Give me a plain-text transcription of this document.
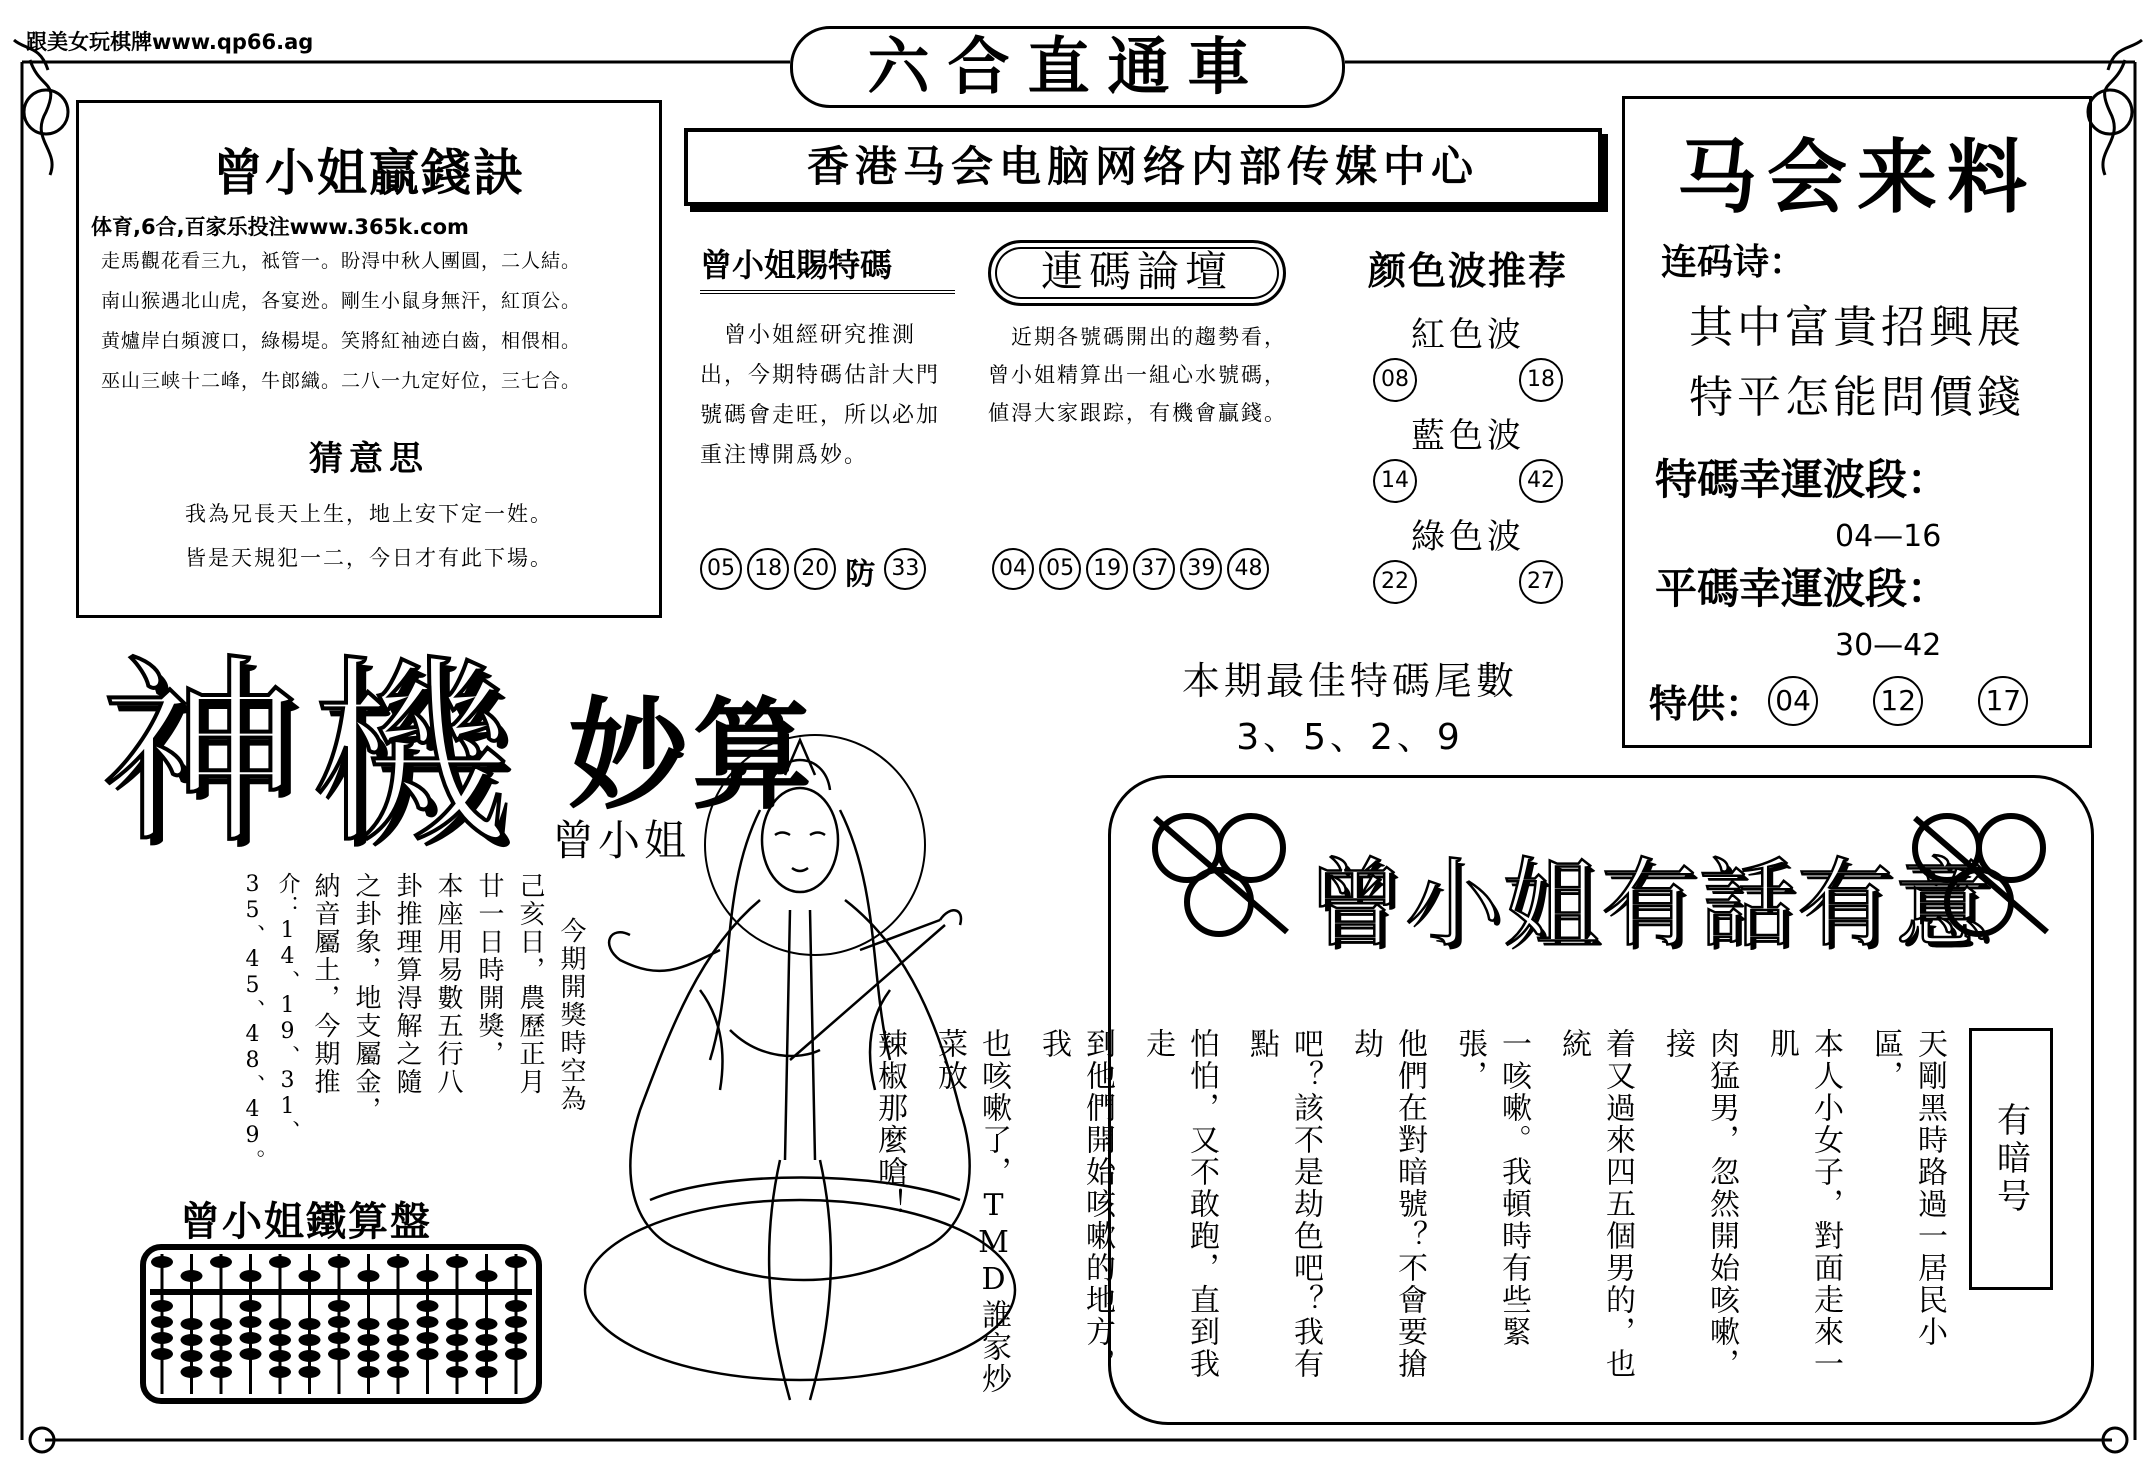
跟美女玩棋牌www.qp66.ag	六合直通車
曾小姐贏錢訣
体育,6合,百家乐投注www.365k.com
走馬觀花看三九，袛管一。盼淂中秋人團圓，二人結。
南山猴遇北山虎，各宴迯。剛生小鼠身無汗，紅頂公。
黄爐岸白頻渡口，綠楊堤。笑將紅袖迹白齒，相偎相。
巫山三峡十二峰，牛郎織。二八一九定好位，三七合。
猜意思
我為兄長天上生，地上安下定一姓。
皆是天規犯一二，今日才有此下場。
香港马会电脑网络内部传媒中心
曾小姐賜特碼
　曾小姐經研究推測出，今期特碼估計大門號碼會走旺，所以必加重注博開爲妙。
05 18 20 防 33
連碼論壇
　近期各號碼開出的趨勢看，曾小姐精算出一組心水號碼，値淂大家跟踪，有機會贏錢。
04 05 19 37 39 48
颜色波推荐
紅色波
08	18
藍色波
14	42
綠色波
22	27
本期最佳特碼尾數
3、5、2、9
马会来料
连码诗：
其中富貴招興展
特平怎能問價錢
特碼幸運波段：
04—16
平碼幸運波段：
30—42
特供： 04 12 17
神機 妙算
曾小姐
今期開獎時空為
己亥日，農歷正月
廿一日時開獎，
本座用易數五行八
卦推理算淂解之隨
之卦象，地支屬金，
納音屬土，今期推
介：14、19、31、
35、45、48、49。
曾小姐鐵算盤
曾小姐有話有意
有暗号
天剛黑時路過一居民小區，
本人小女子，對面走來一肌
肉猛男，忽然開始咳嗽，接
着又過來四五個男的，也統
一咳嗽。我頓時有些緊張，
他們在對暗號？不會要搶劫
吧？該不是劫色吧？我有點
怕怕，又不敢跑，直到我走
到他們開始咳嗽的地方，我
也咳嗽了，TMD誰家炒菜放
辣椒那麼嗆！
